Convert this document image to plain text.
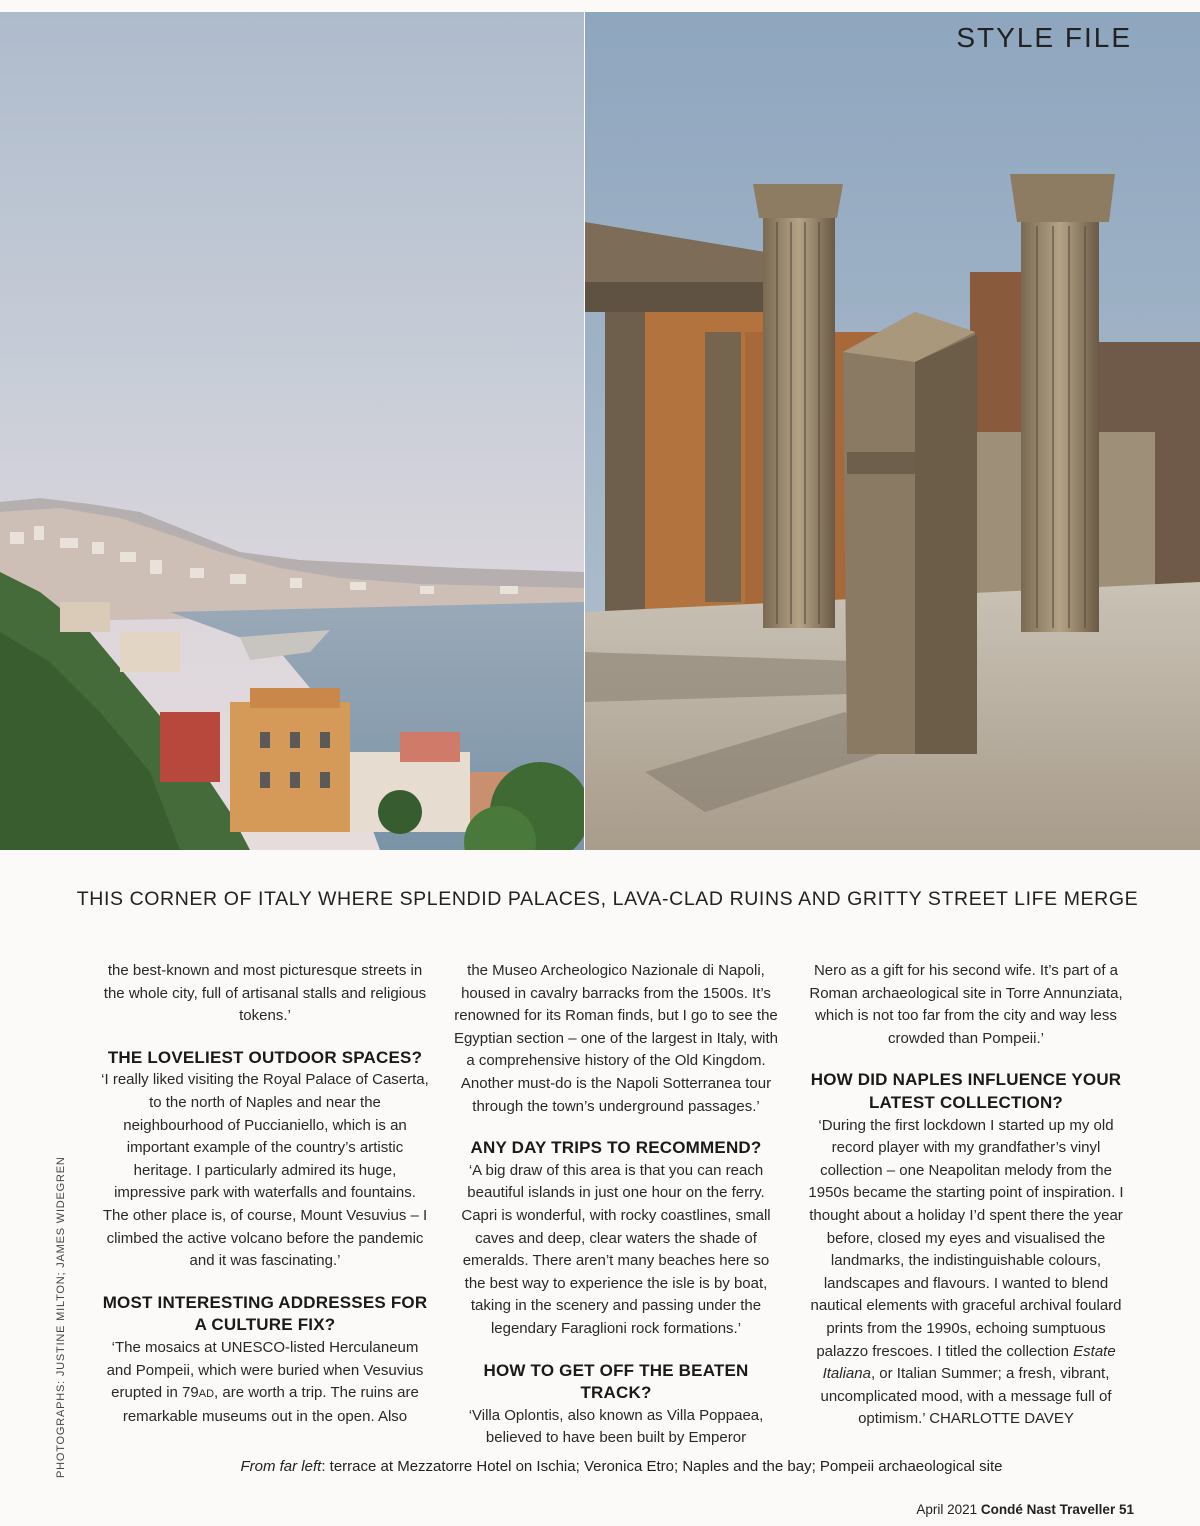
STYLE FILE
THIS CORNER OF ITALY WHERE SPLENDID PALACES, LAVA-CLAD RUINS AND GRITTY STREET LIFE MERGE

the best-known and most picturesque streets in the whole city, full of artisanal stalls and religious tokens.’

THE LOVELIEST OUTDOOR SPACES?

‘I really liked visiting the Royal Palace of Caserta, to the north of Naples and near the neighbourhood of Puccianiello, which is an important example of the country’s artistic heritage. I particularly admired its huge, impressive park with waterfalls and fountains. The other place is, of course, Mount Vesuvius – I climbed the active volcano before the pandemic and it was fascinating.’

MOST INTERESTING ADDRESSES FOR A CULTURE FIX?

‘The mosaics at UNESCO-listed Herculaneum and Pompeii, which were buried when Vesuvius erupted in 79AD, are worth a trip. The ruins are remarkable museums out in the open. Also

the Museo Archeologico Nazionale di Napoli, housed in cavalry barracks from the 1500s. It’s renowned for its Roman finds, but I go to see the Egyptian section – one of the largest in Italy, with a comprehensive history of the Old Kingdom. Another must-do is the Napoli Sotterranea tour through the town’s underground passages.’

ANY DAY TRIPS TO RECOMMEND?

‘A big draw of this area is that you can reach beautiful islands in just one hour on the ferry. Capri is wonderful, with rocky coastlines, small caves and deep, clear waters the shade of emeralds. There aren’t many beaches here so the best way to experience the isle is by boat, taking in the scenery and passing under the legendary Faraglioni rock formations.’

HOW TO GET OFF THE BEATEN TRACK?

‘Villa Oplontis, also known as Villa Poppaea, believed to have been built by Emperor

Nero as a gift for his second wife. It’s part of a Roman archaeological site in Torre Annunziata, which is not too far from the city and way less crowded than Pompeii.’

HOW DID NAPLES INFLUENCE YOUR LATEST COLLECTION?

‘During the first lockdown I started up my old record player with my grandfather’s vinyl collection – one Neapolitan melody from the 1950s became the starting point of inspiration. I thought about a holiday I’d spent there the year before, closed my eyes and visualised the landmarks, the indistinguishable colours, landscapes and flavours. I wanted to blend nautical elements with graceful archival foulard prints from the 1990s, echoing sumptuous palazzo frescoes. I titled the collection Estate Italiana, or Italian Summer; a fresh, vibrant, uncomplicated mood, with a message full of optimism.’ CHARLOTTE DAVEY

PHOTOGRAPHS: JUSTINE MILTON; JAMES WIDEGREN	From far left: terrace at Mezzatorre Hotel on Ischia; Veronica Etro; Naples and the bay; Pompeii archaeological site
April 2021 Condé Nast Traveller 51
